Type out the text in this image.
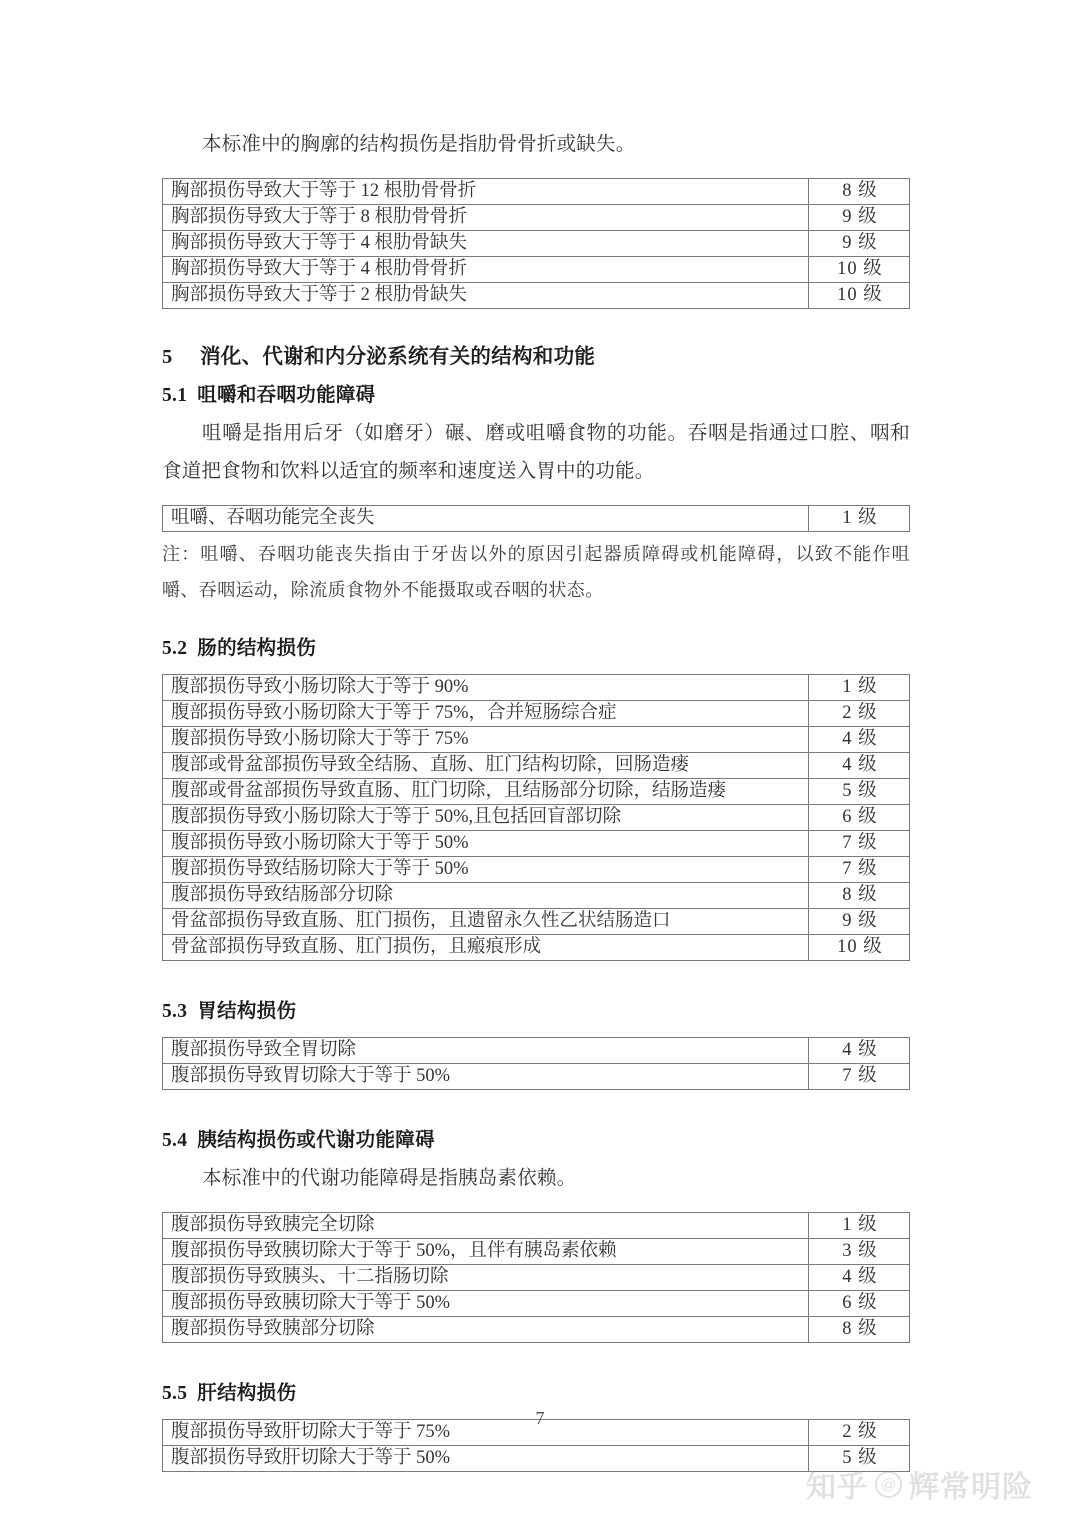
本标准中的胸廓的结构损伤是指肋骨骨折或缺失。

胸部损伤导致大于等于 12 根肋骨骨折	8 级
胸部损伤导致大于等于 8 根肋骨骨折	9 级
胸部损伤导致大于等于 4 根肋骨缺失	9 级
胸部损伤导致大于等于 4 根肋骨骨折	10 级
胸部损伤导致大于等于 2 根肋骨缺失	10 级
5 消化、代谢和内分泌系统有关的结构和功能
5.1 咀嚼和吞咽功能障碍

咀嚼是指用后牙（如磨牙）碾、磨或咀嚼食物的功能。吞咽是指通过口腔、咽和食道把食物和饮料以适宜的频率和速度送入胃中的功能。

咀嚼、吞咽功能完全丧失	1 级

注：咀嚼、吞咽功能丧失指由于牙齿以外的原因引起器质障碍或机能障碍，以致不能作咀嚼、吞咽运动，除流质食物外不能摄取或吞咽的状态。

5.2 肠的结构损伤
腹部损伤导致小肠切除大于等于 90%	1 级
腹部损伤导致小肠切除大于等于 75%，合并短肠综合症	2 级
腹部损伤导致小肠切除大于等于 75%	4 级
腹部或骨盆部损伤导致全结肠、直肠、肛门结构切除，回肠造瘘	4 级
腹部或骨盆部损伤导致直肠、肛门切除，且结肠部分切除，结肠造瘘	5 级
腹部损伤导致小肠切除大于等于 50%,且包括回盲部切除	6 级
腹部损伤导致小肠切除大于等于 50%	7 级
腹部损伤导致结肠切除大于等于 50%	7 级
腹部损伤导致结肠部分切除	8 级
骨盆部损伤导致直肠、肛门损伤，且遗留永久性乙状结肠造口	9 级
骨盆部损伤导致直肠、肛门损伤，且瘢痕形成	10 级
5.3 胃结构损伤
腹部损伤导致全胃切除	4 级
腹部损伤导致胃切除大于等于 50%	7 级
5.4 胰结构损伤或代谢功能障碍

本标准中的代谢功能障碍是指胰岛素依赖。

腹部损伤导致胰完全切除	1 级
腹部损伤导致胰切除大于等于 50%，且伴有胰岛素依赖	3 级
腹部损伤导致胰头、十二指肠切除	4 级
腹部损伤导致胰切除大于等于 50%	6 级
腹部损伤导致胰部分切除	8 级
5.5 肝结构损伤
腹部损伤导致肝切除大于等于 75%	2 级
腹部损伤导致肝切除大于等于 50%	5 级
7
知乎 @ 辉常明险
